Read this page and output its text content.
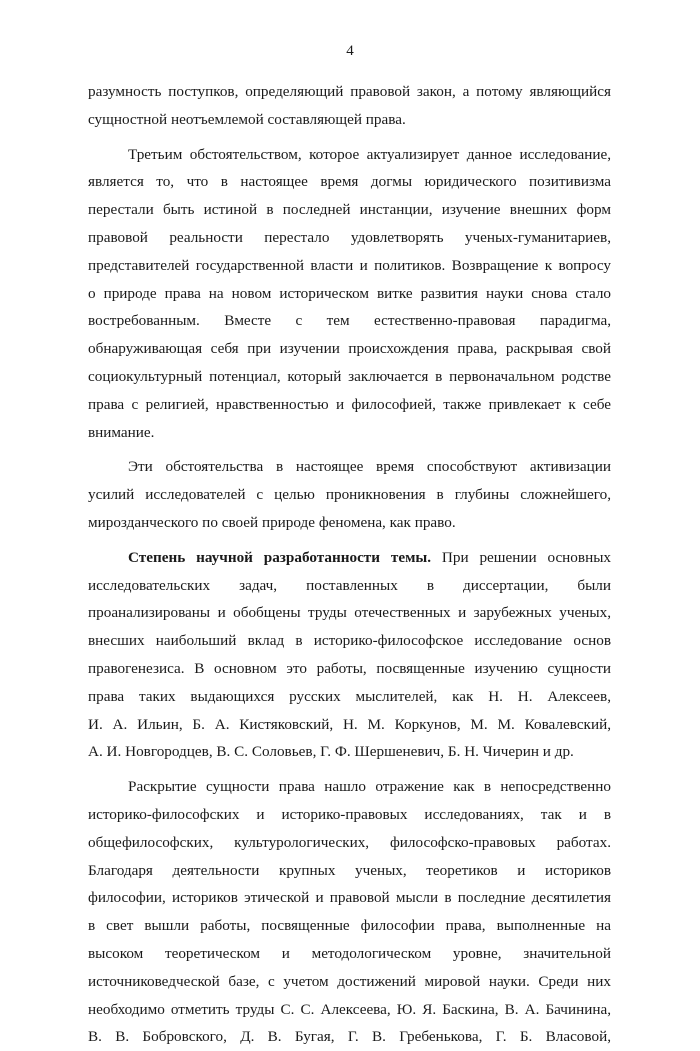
4
разумность поступков, определяющий правовой закон, а потому являющийся
сущностной неотъемлемой составляющей права.
Третьим обстоятельством, которое актуализирует данное исследование,
является то, что в настоящее время догмы юридического позитивизма
перестали быть истиной в последней инстанции, изучение внешних форм
правовой реальности перестало удовлетворять ученых-гуманитариев,
представителей государственной власти и политиков. Возвращение к вопросу
о природе права на новом историческом витке развития науки снова стало
востребованным. Вместе с тем естественно-правовая парадигма,
обнаруживающая себя при изучении происхождения права, раскрывая свой
социокультурный потенциал, который заключается в первоначальном родстве
права с религией, нравственностью и философией, также привлекает к себе
внимание.
Эти обстоятельства в настоящее время способствуют активизации
усилий исследователей с целью проникновения в глубины сложнейшего,
мирозданческого по своей природе феномена, как право.
Степень научной разработанности темы. При решении основных
исследовательских задач, поставленных в диссертации, были
проанализированы и обобщены труды отечественных и зарубежных ученых,
внесших наибольший вклад в историко-философское исследование основ
правогенезиса. В основном это работы, посвященные изучению сущности
права таких выдающихся русских мыслителей, как Н. Н. Алексеев,
И. А. Ильин, Б. А. Кистяковский, Н. М. Коркунов, М. М. Ковалевский,
А. И. Новгородцев, В. С. Соловьев, Г. Ф. Шершеневич, Б. Н. Чичерин и др.
Раскрытие сущности права нашло отражение как в непосредственно
историко-философских и историко-правовых исследованиях, так и в
общефилософских, культурологических, философско-правовых работах.
Благодаря деятельности крупных ученых, теоретиков и историков
философии, историков этической и правовой мысли в последние десятилетия
в свет вышли работы, посвященные философии права, выполненные на
высоком теоретическом и методологическом уровне, значительной
источниковедческой базе, с учетом достижений мировой науки. Среди них
необходимо отметить труды С. С. Алексеева, Ю. Я. Баскина, В. А. Бачинина,
В. В. Бобровского, Д. В. Бугая, Г. В. Гребенькова, Г. Б. Власовой,
